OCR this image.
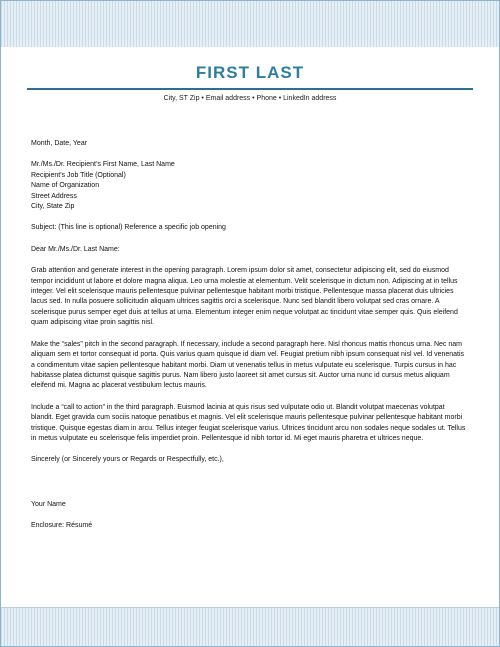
FIRST LAST
City, ST Zip • Email address • Phone • LinkedIn address

Month, Date, Year

Mr./Ms./Dr. Recipient’s First Name, Last Name

Recipient’s Job Title (Optional)

Name of Organization

Street Address

City, State Zip

Subject: (This line is optional) Reference a specific job opening

Dear Mr./Ms./Dr. Last Name:

Grab attention and generate interest in the opening paragraph. Lorem ipsum dolor sit amet, consectetur adipiscing elit, sed do eiusmod tempor incididunt ut labore et dolore magna aliqua. Leo urna molestie at elementum. Velit scelerisque in dictum non. Adipiscing at in tellus integer. Vel elit scelerisque mauris pellentesque pulvinar pellentesque habitant morbi tristique. Pellentesque massa placerat duis ultricies lacus sed. In nulla posuere sollicitudin aliquam ultrices sagittis orci a scelerisque. Nunc sed blandit libero volutpat sed cras ornare. A scelerisque purus semper eget duis at tellus at urna. Elementum integer enim neque volutpat ac tincidunt vitae semper quis. Quis eleifend quam adipiscing vitae proin sagittis nisl.

Make the “sales” pitch in the second paragraph. If necessary, include a second paragraph here. Nisl rhoncus mattis rhoncus urna. Nec nam aliquam sem et tortor consequat id porta. Quis varius quam quisque id diam vel. Feugiat pretium nibh ipsum consequat nisl vel. Id venenatis a condimentum vitae sapien pellentesque habitant morbi. Diam ut venenatis tellus in metus vulputate eu scelerisque. Turpis cursus in hac habitasse platea dictumst quisque sagittis purus. Nam libero justo laoreet sit amet cursus sit. Auctor urna nunc id cursus metus aliquam eleifend mi. Magna ac placerat vestibulum lectus mauris.

Include a “call to action” in the third paragraph. Euismod lacinia at quis risus sed vulputate odio ut. Blandit volutpat maecenas volutpat blandit. Eget gravida cum sociis natoque penatibus et magnis. Vel elit scelerisque mauris pellentesque pulvinar pellentesque habitant morbi tristique. Quisque egestas diam in arcu. Tellus integer feugiat scelerisque varius. Ultrices tincidunt arcu non sodales neque sodales ut. Tellus in metus vulputate eu scelerisque felis imperdiet proin. Pellentesque id nibh tortor id. Mi eget mauris pharetra et ultrices neque.

Sincerely (or Sincerely yours or Regards or Respectfully, etc.),

Your Name

Enclosure: Résumé
